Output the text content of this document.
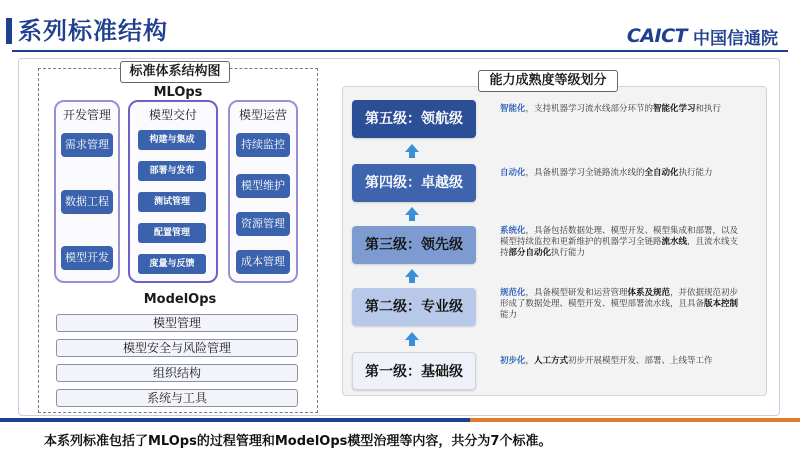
系列标准结构	CAICT 中国信通院
标准体系结构图
MLOps
开发管理
需求管理
数据工程
模型开发
模型交付
构建与集成
部署与发布
测试管理
配置管理
度量与反馈
模型运营
持续监控
模型维护
资源管理
成本管理
ModelOps
模型管理
模型安全与风险管理
组织结构
系统与工具
能力成熟度等级划分
第五级：领航级
第四级：卓越级
第三级：领先级
第二级：专业级
第一级：基础级
智能化，支持机器学习流水线部分环节的智能化学习和执行
自动化，具备机器学习全链路流水线的全自动化执行能力
系统化，具备包括数据处理、模型开发、模型集成和部署，以及模型持续监控和更新维护的机器学习全链路流水线，且流水线支持部分自动化执行能力
规范化，具备模型研发和运营管理体系及规范，并依据规范初步形成了数据处理、模型开发、模型部署流水线，且具备版本控制能力
初步化，人工方式初步开展模型开发、部署、上线等工作
本系列标准包括了MLOps的过程管理和ModelOps模型治理等内容，共分为7个标准。
